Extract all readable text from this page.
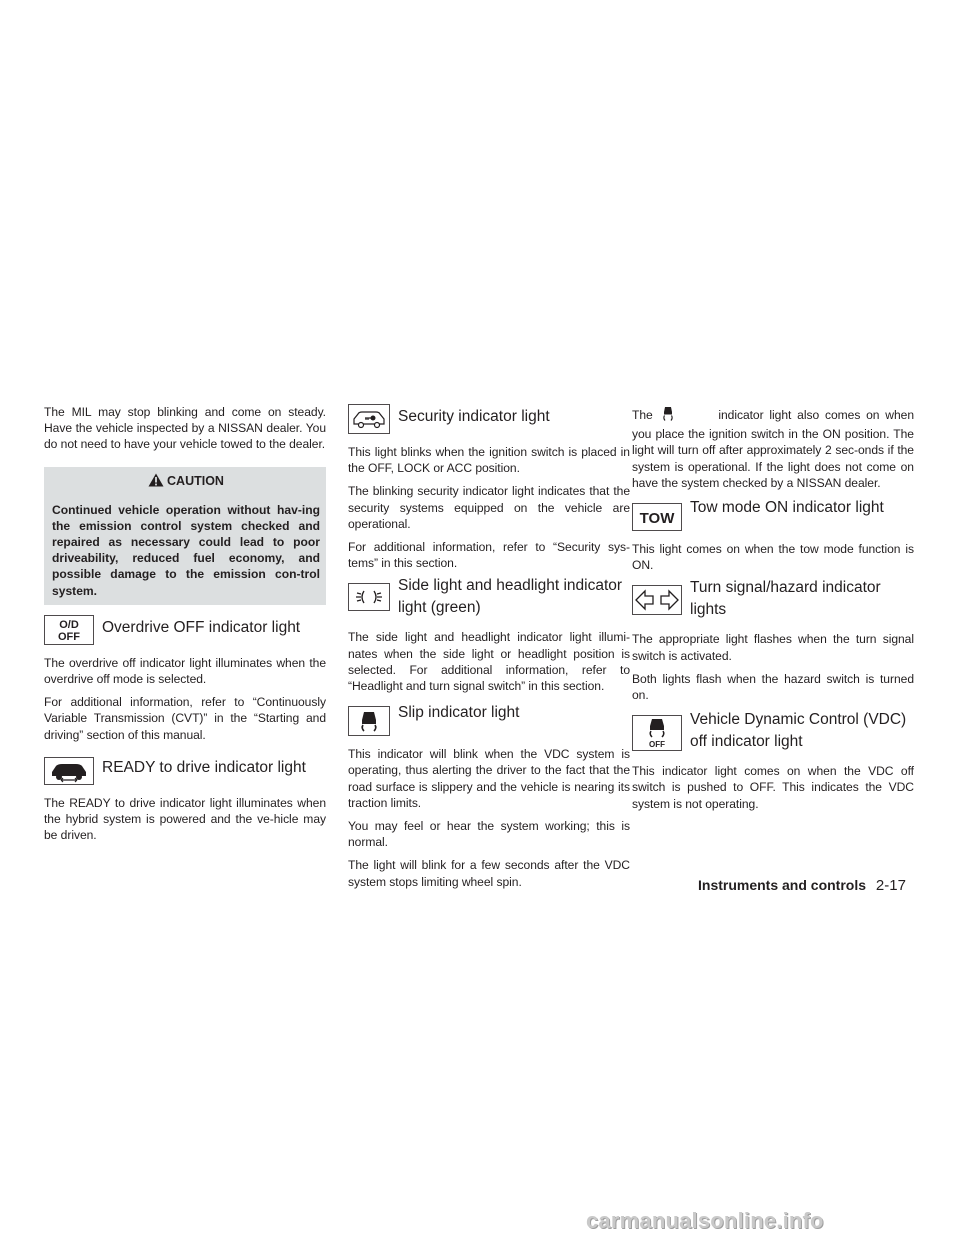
The MIL may stop blinking and come on steady. Have the vehicle inspected by a NISSAN dealer. You do not need to have your vehicle towed to the dealer.

CAUTION
Continued vehicle operation without hav-ing the emission control system checked and repaired as necessary could lead to poor driveability, reduced fuel economy, and possible damage to the emission con-trol system.
O/D
OFF
Overdrive OFF indicator light

The overdrive off indicator light illuminates when the overdrive off mode is selected.

For additional information, refer to “Continuously Variable Transmission (CVT)” in the “Starting and driving” section of this manual.

READY to drive indicator light

The READY to drive indicator light illuminates when the hybrid system is powered and the ve-hicle may be driven.

Security indicator light

This light blinks when the ignition switch is placed in the OFF, LOCK or ACC position.

The blinking security indicator light indicates that the security systems equipped on the vehicle are operational.

For additional information, refer to “Security sys-tems” in this section.

Side light and headlight indicator light (green)

The side light and headlight indicator light illumi-nates when the side light or headlight position is selected. For additional information, refer to “Headlight and turn signal switch” in this section.

Slip indicator light

This indicator will blink when the VDC system is operating, thus alerting the driver to the fact that the road surface is slippery and the vehicle is nearing its traction limits.

You may feel or hear the system working; this is normal.

The light will blink for a few seconds after the VDC system stops limiting wheel spin.

The	indicator light also comes on when you place the ignition switch in the ON position. The light will turn off after approximately 2 sec-onds if the system is operational. If the light does not come on have the system checked by a NISSAN dealer.

TOW
Tow mode ON indicator light

This light comes on when the tow mode function is ON.

Turn signal/hazard indicator lights

The appropriate light flashes when the turn signal switch is activated.

Both lights flash when the hazard switch is turned on.

OFF
Vehicle Dynamic Control (VDC) off indicator light

This indicator light comes on when the VDC off switch is pushed to OFF. This indicates the VDC system is not operating.

Instruments and controls 2-17
carmanualsonline.info
